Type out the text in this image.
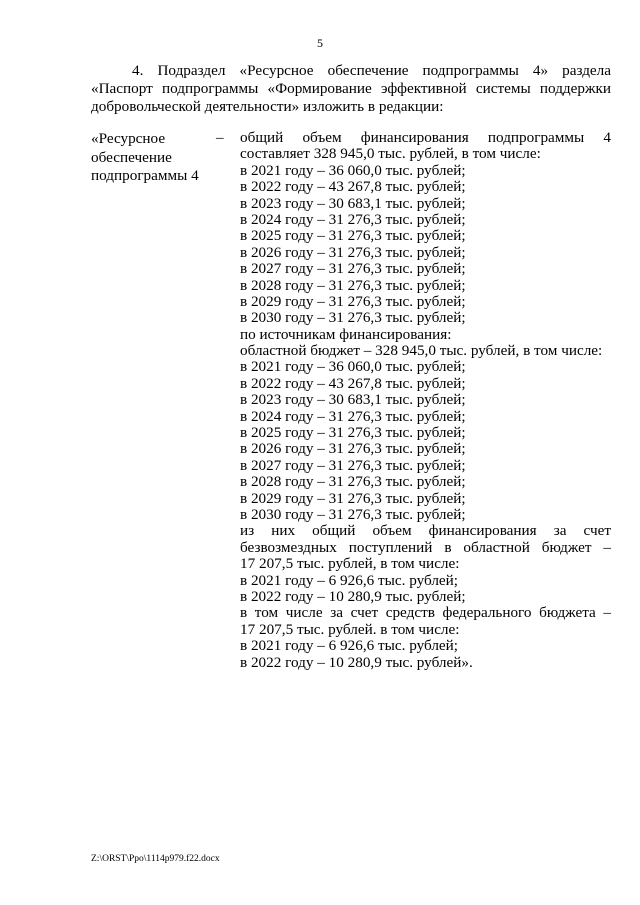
5

4. Подраздел «Ресурсное обеспечение подпрограммы 4» раздела «Паспорт подпрограммы «Формирование эффективной системы поддержки добровольческой деятельности» изложить в редакции:

«Ресурсное
обеспечение
подпрограммы 4
– общий объем финансирования подпрограммы 4
составляет 328 945,0 тыс. рублей, в том числе:
в 2021 году – 36 060,0 тыс. рублей;
в 2022 году – 43 267,8 тыс. рублей;
в 2023 году – 30 683,1 тыс. рублей;
в 2024 году – 31 276,3 тыс. рублей;
в 2025 году – 31 276,3 тыс. рублей;
в 2026 году – 31 276,3 тыс. рублей;
в 2027 году – 31 276,3 тыс. рублей;
в 2028 году – 31 276,3 тыс. рублей;
в 2029 году – 31 276,3 тыс. рублей;
в 2030 году – 31 276,3 тыс. рублей;
по источникам финансирования:
областной бюджет – 328 945,0 тыс. рублей, в том числе:
в 2021 году – 36 060,0 тыс. рублей;
в 2022 году – 43 267,8 тыс. рублей;
в 2023 году – 30 683,1 тыс. рублей;
в 2024 году – 31 276,3 тыс. рублей;
в 2025 году – 31 276,3 тыс. рублей;
в 2026 году – 31 276,3 тыс. рублей;
в 2027 году – 31 276,3 тыс. рублей;
в 2028 году – 31 276,3 тыс. рублей;
в 2029 году – 31 276,3 тыс. рублей;
в 2030 году – 31 276,3 тыс. рублей;
из них общий объем финансирования за счет
безвозмездных поступлений в областной бюджет –
17 207,5 тыс. рублей, в том числе:
в 2021 году – 6 926,6 тыс. рублей;
в 2022 году – 10 280,9 тыс. рублей;
в том числе за счет средств федерального бюджета –
17 207,5 тыс. рублей. в том числе:
в 2021 году – 6 926,6 тыс. рублей;
в 2022 году – 10 280,9 тыс. рублей».
Z:\ORST\Ppo\1114p979.f22.docx
